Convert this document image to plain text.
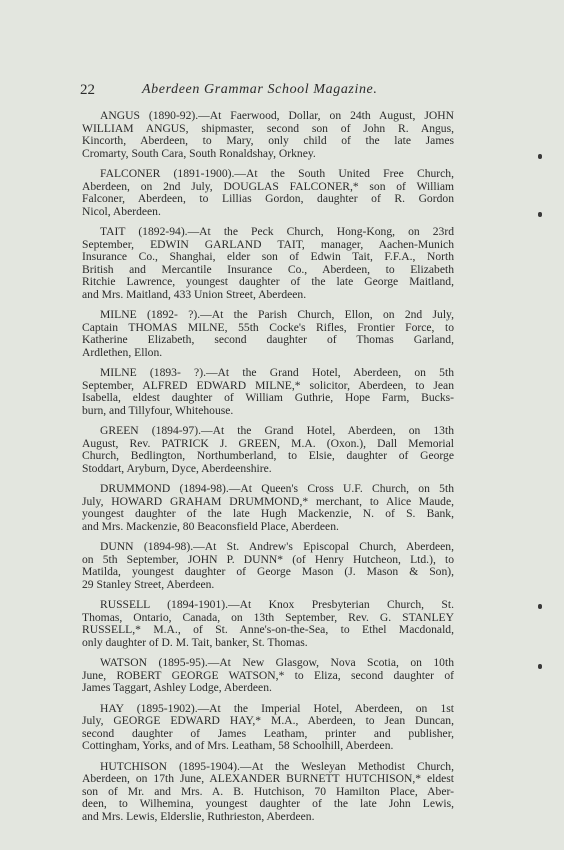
22	Aberdeen Grammar School Magazine.
ANGUS (1890-92).—At Faerwood, Dollar, on 24th August, JOHN
WILLIAM ANGUS, shipmaster, second son of John R. Angus,
Kincorth, Aberdeen, to Mary, only child of the late James
Cromarty, South Cara, South Ronaldshay, Orkney.
FALCONER (1891-1900).—At the South United Free Church,
Aberdeen, on 2nd July, DOUGLAS FALCONER,* son of William
Falconer, Aberdeen, to Lillias Gordon, daughter of R. Gordon
Nicol, Aberdeen.
TAIT (1892-94).—At the Peck Church, Hong-Kong, on 23rd
September, EDWIN GARLAND TAIT, manager, Aachen-Munich
Insurance Co., Shanghai, elder son of Edwin Tait, F.F.A., North
British and Mercantile Insurance Co., Aberdeen, to Elizabeth
Ritchie Lawrence, youngest daughter of the late George Maitland,
and Mrs. Maitland, 433 Union Street, Aberdeen.
MILNE (1892- ?).—At the Parish Church, Ellon, on 2nd July,
Captain THOMAS MILNE, 55th Cocke's Rifles, Frontier Force, to
Katherine Elizabeth, second daughter of Thomas Garland,
Ardlethen, Ellon.
MILNE (1893- ?).—At the Grand Hotel, Aberdeen, on 5th
September, ALFRED EDWARD MILNE,* solicitor, Aberdeen, to Jean
Isabella, eldest daughter of William Guthrie, Hope Farm, Bucks-
burn, and Tillyfour, Whitehouse.
GREEN (1894-97).—At the Grand Hotel, Aberdeen, on 13th
August, Rev. PATRICK J. GREEN, M.A. (Oxon.), Dall Memorial
Church, Bedlington, Northumberland, to Elsie, daughter of George
Stoddart, Aryburn, Dyce, Aberdeenshire.
DRUMMOND (1894-98).—At Queen's Cross U.F. Church, on 5th
July, HOWARD GRAHAM DRUMMOND,* merchant, to Alice Maude,
youngest daughter of the late Hugh Mackenzie, N. of S. Bank,
and Mrs. Mackenzie, 80 Beaconsfield Place, Aberdeen.
DUNN (1894-98).—At St. Andrew's Episcopal Church, Aberdeen,
on 5th September, JOHN P. DUNN* (of Henry Hutcheon, Ltd.), to
Matilda, youngest daughter of George Mason (J. Mason & Son),
29 Stanley Street, Aberdeen.
RUSSELL (1894-1901).—At Knox Presbyterian Church, St.
Thomas, Ontario, Canada, on 13th September, Rev. G. STANLEY
RUSSELL,* M.A., of St. Anne's-on-the-Sea, to Ethel Macdonald,
only daughter of D. M. Tait, banker, St. Thomas.
WATSON (1895-95).—At New Glasgow, Nova Scotia, on 10th
June, ROBERT GEORGE WATSON,* to Eliza, second daughter of
James Taggart, Ashley Lodge, Aberdeen.
HAY (1895-1902).—At the Imperial Hotel, Aberdeen, on 1st
July, GEORGE EDWARD HAY,* M.A., Aberdeen, to Jean Duncan,
second daughter of James Leatham, printer and publisher,
Cottingham, Yorks, and of Mrs. Leatham, 58 Schoolhill, Aberdeen.
HUTCHISON (1895-1904).—At the Wesleyan Methodist Church,
Aberdeen, on 17th June, ALEXANDER BURNETT HUTCHISON,* eldest
son of Mr. and Mrs. A. B. Hutchison, 70 Hamilton Place, Aber-
deen, to Wilhemina, youngest daughter of the late John Lewis,
and Mrs. Lewis, Elderslie, Ruthrieston, Aberdeen.
